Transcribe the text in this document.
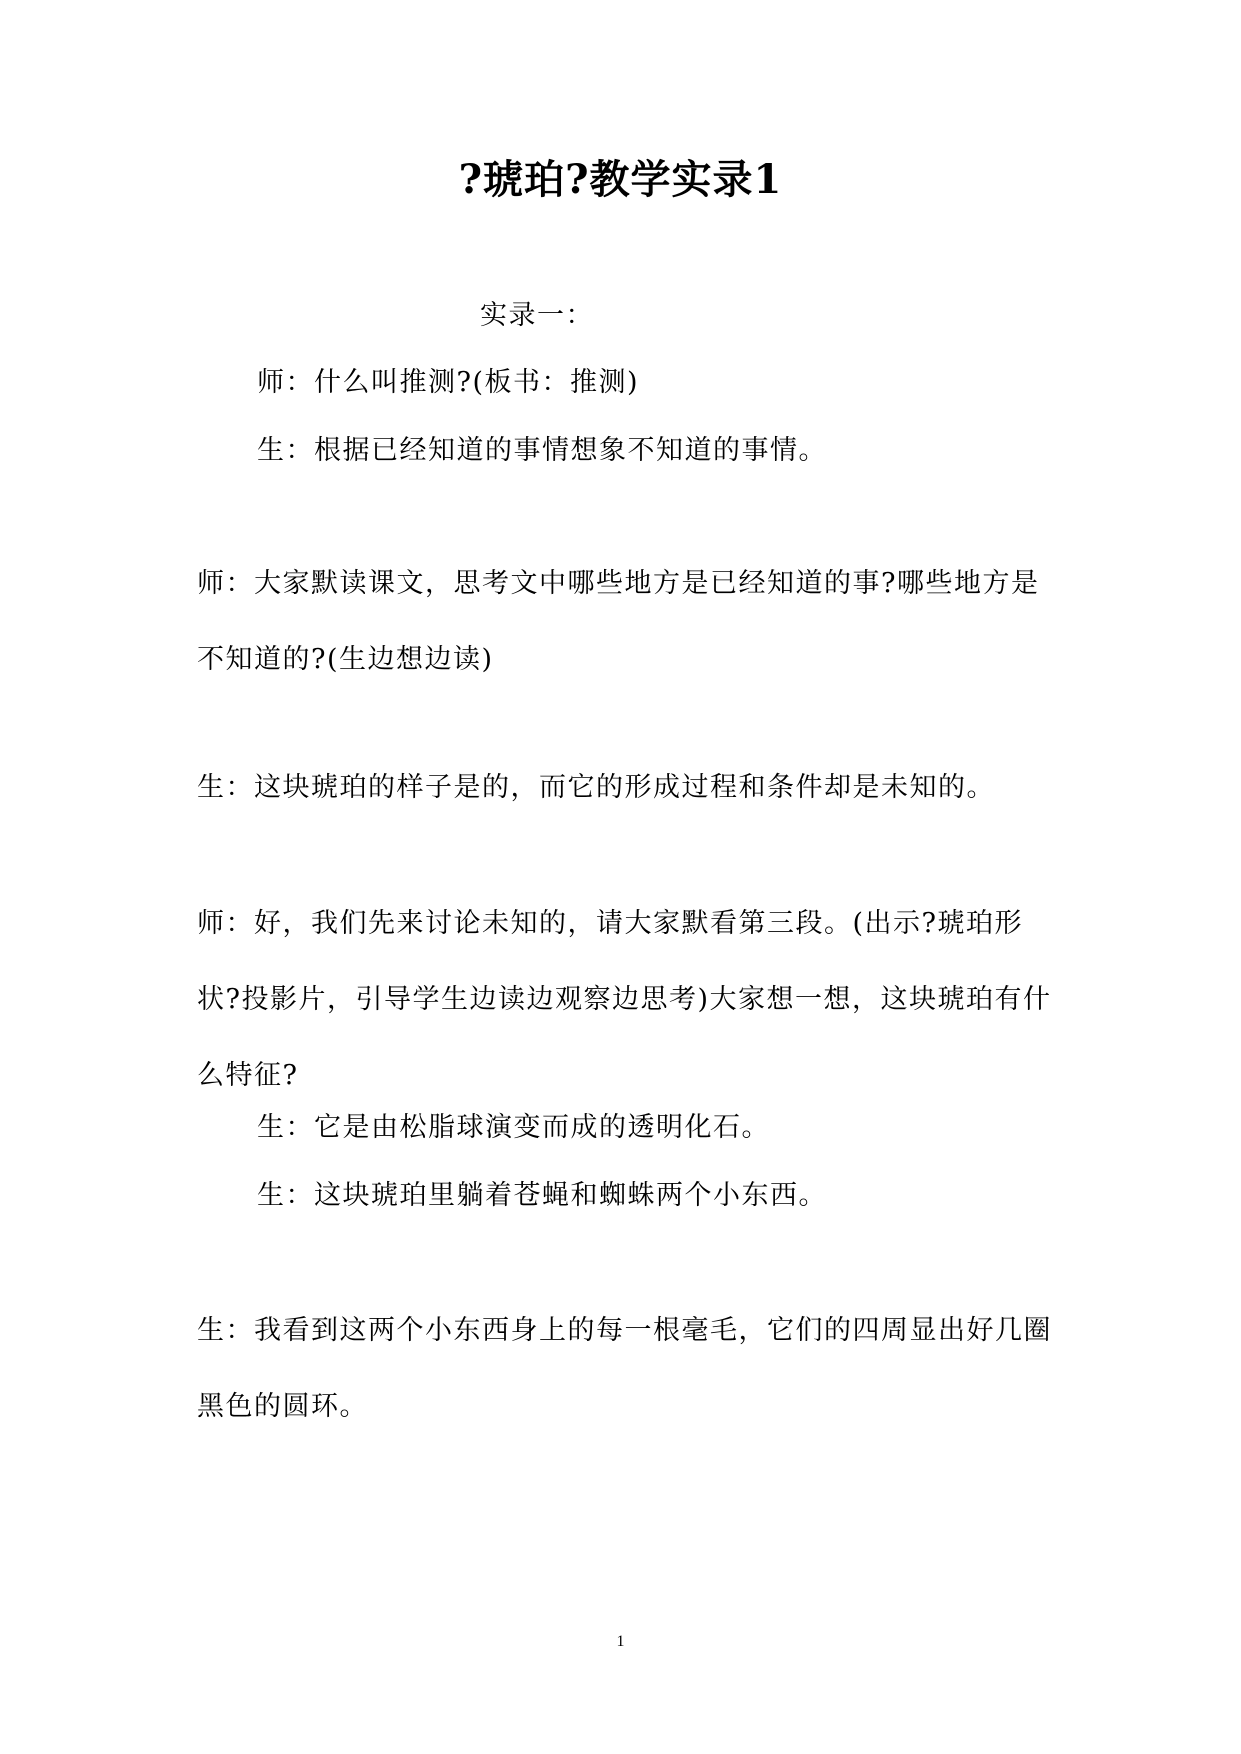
?琥珀?教学实录1

实录一：

师：什么叫推测?(板书：推测)

生：根据已经知道的事情想象不知道的事情。

师：大家默读课文，思考文中哪些地方是已经知道的事?哪些地方是不知道的?(生边想边读)

生：这块琥珀的样子是的，而它的形成过程和条件却是未知的。

师：好，我们先来讨论未知的，请大家默看第三段。(出示?琥珀形状?投影片，引导学生边读边观察边思考)大家想一想，这块琥珀有什么特征?

生：它是由松脂球演变而成的透明化石。

生：这块琥珀里躺着苍蝇和蜘蛛两个小东西。

生：我看到这两个小东西身上的每一根毫毛，它们的四周显出好几圈黑色的圆环。

1
